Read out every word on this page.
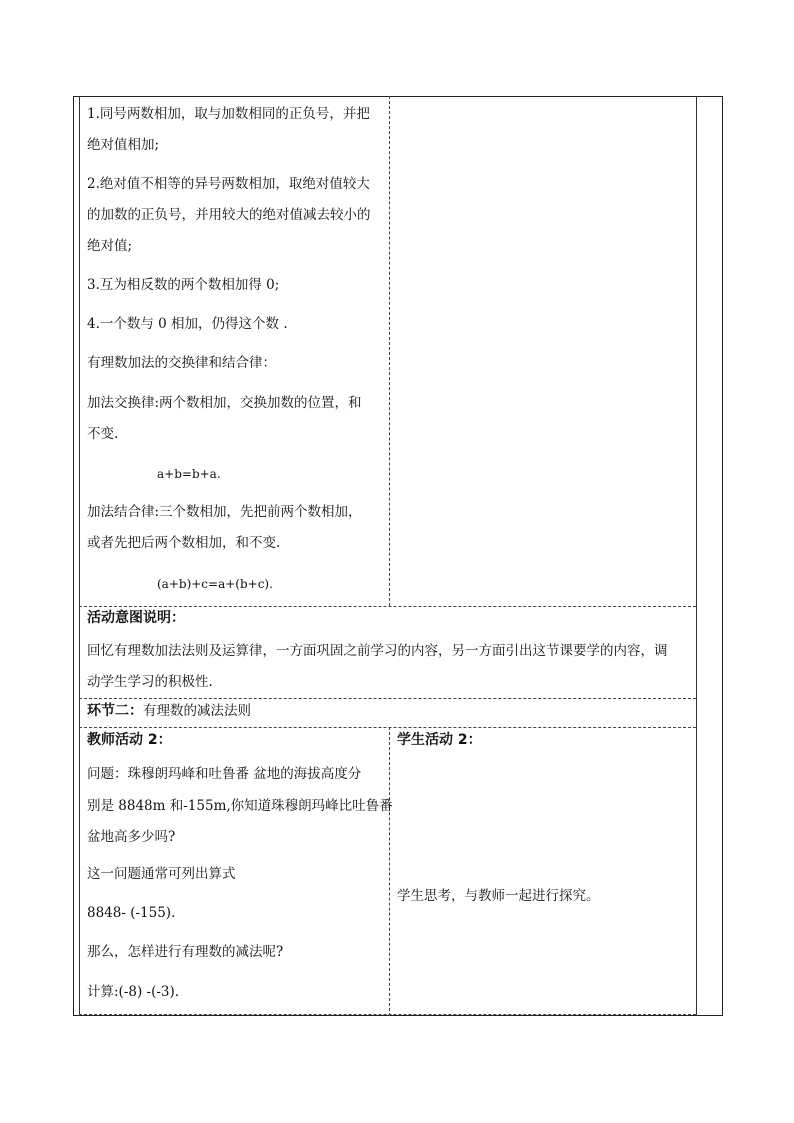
1.同号两数相加，取与加数相同的正负号，并把
绝对值相加;
2.绝对值不相等的异号两数相加，取绝对值较大
的加数的正负号，并用较大的绝对值减去较小的
绝对值;
3.互为相反数的两个数相加得 0;
4.一个数与 0 相加，仍得这个数 .
有理数加法的交换律和结合律：
加法交换律:两个数相加，交换加数的位置，和
不变.
a+b=b+a.
加法结合律:三个数相加，先把前两个数相加，
或者先把后两个数相加，和不变.
(a+b)+c=a+(b+c).
活动意图说明：
回忆有理数加法法则及运算律，一方面巩固之前学习的内容，另一方面引出这节课要学的内容，调
动学生学习的积极性.
环节二：有理数的减法法则
教师活动 2：
问题：珠穆朗玛峰和吐鲁番 盆地的海拔高度分
别是 8848m 和-155m,你知道珠穆朗玛峰比吐鲁番
盆地高多少吗?
这一问题通常可列出算式
8848- (-155).
那么，怎样进行有理数的减法呢?
计算:(-8) -(-3).
学生活动 2：
学生思考，与教师一起进行探究。
